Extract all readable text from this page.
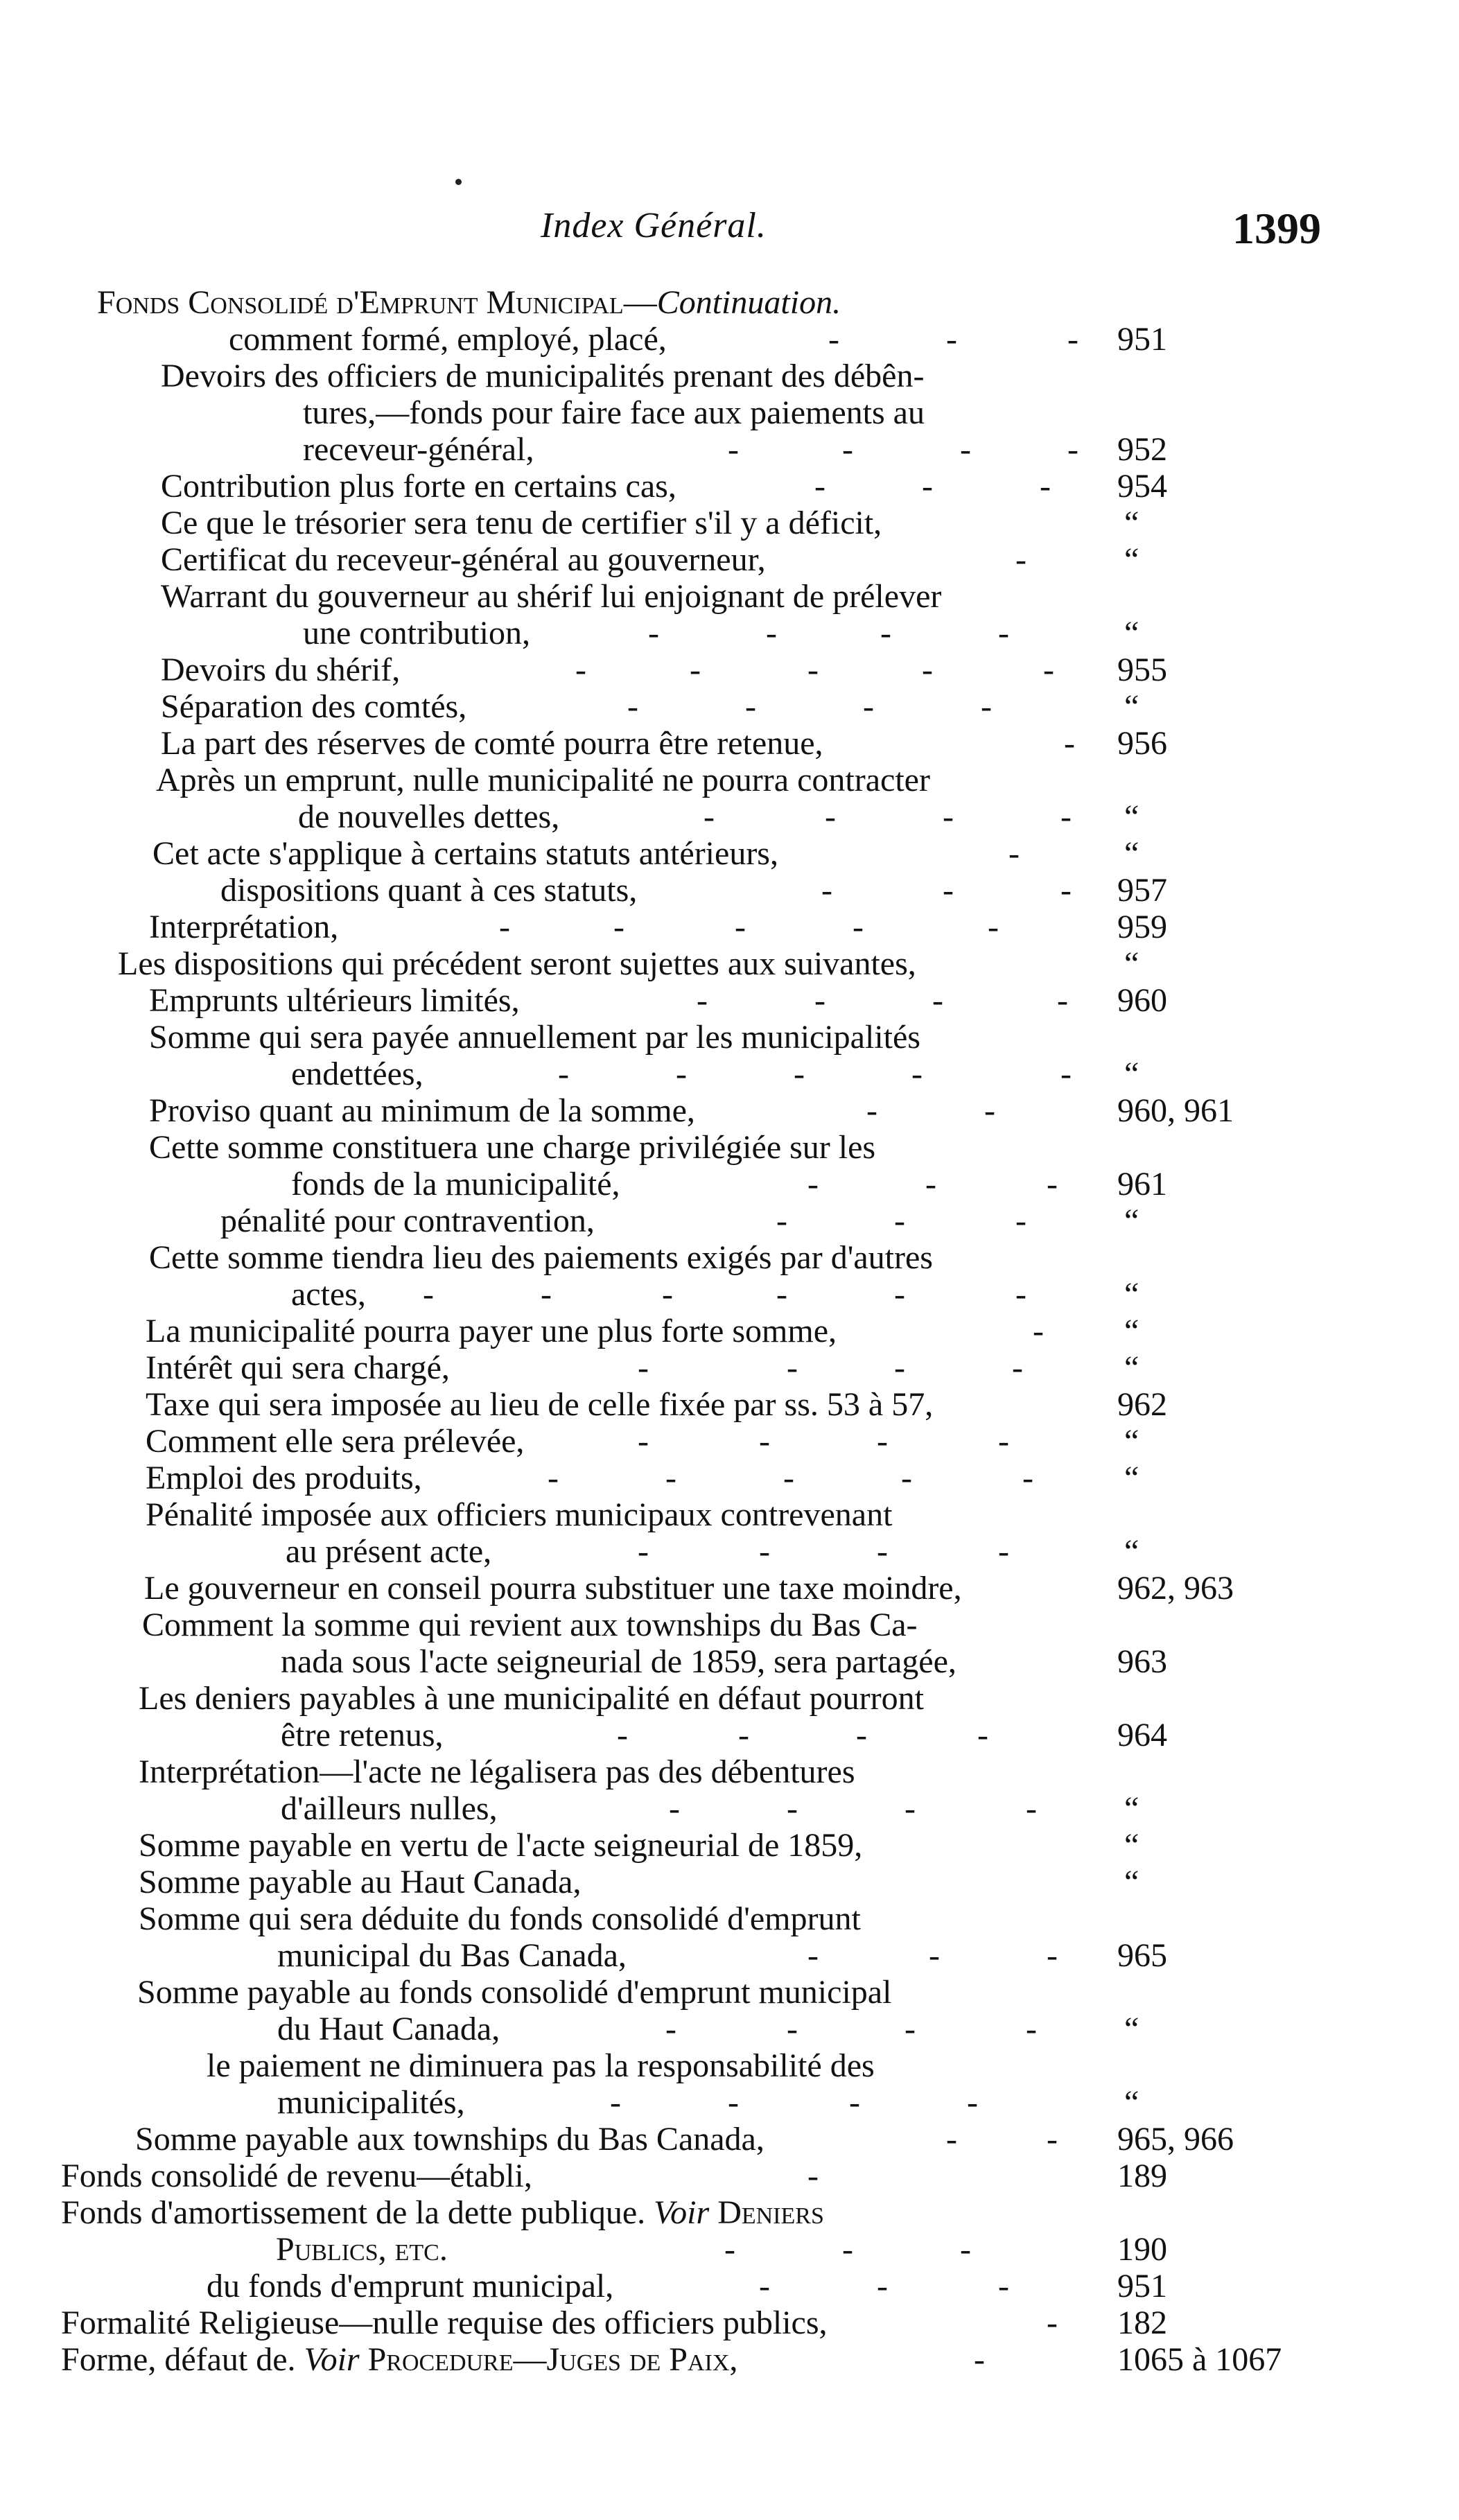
Index Général.	1399
Fonds Consolidé d'Emprunt Municipal—Continuation.
comment formé, employé, placé,	-	-	- 951
Devoirs des officiers de municipalités prenant des débên-
tures,—fonds pour faire face aux paiements au
receveur-général,	-	-	-	- 952
Contribution plus forte en certains cas,	-	-	- 954
Ce que le trésorier sera tenu de certifier s'il y a déficit,	“
Certificat du receveur-général au gouverneur,	-	“
Warrant du gouverneur au shérif lui enjoignant de prélever
une contribution,	-	-	-	-	“
Devoirs du shérif,	-	-	-	-	- 955
Séparation des comtés,	-	-	-	-	“
La part des réserves de comté pourra être retenue,	- 956
Après un emprunt, nulle municipalité ne pourra contracter
de nouvelles dettes,	-	-	-	- “
Cet acte s'applique à certains statuts antérieurs,	-	“
dispositions quant à ces statuts,	-	-	- 957
Interprétation,	-	-	-	-	-	959
Les dispositions qui précédent seront sujettes aux suivantes,	“
Emprunts ultérieurs limités,	-	-	-	- 960
Somme qui sera payée annuellement par les municipalités
endettées,	-	-	-	-	- “
Proviso quant au minimum de la somme,	-	-	960, 961
Cette somme constituera une charge privilégiée sur les
fonds de la municipalité,	-	-	- 961
pénalité pour contravention,	-	-	-	“
Cette somme tiendra lieu des paiements exigés par d'autres
actes, -	-	-	-	-	-	“
La municipalité pourra payer une plus forte somme,	- “
Intérêt qui sera chargé,	-	-	-	-	“
Taxe qui sera imposée au lieu de celle fixée par ss. 53 à 57,	962
Comment elle sera prélevée,	-	-	-	-	“
Emploi des produits,	-	-	-	-	-	“
Pénalité imposée aux officiers municipaux contrevenant
au présent acte,	-	-	-	-	“
Le gouverneur en conseil pourra substituer une taxe moindre,	962, 963
Comment la somme qui revient aux townships du Bas Ca-
nada sous l'acte seigneurial de 1859, sera partagée,	963
Les deniers payables à une municipalité en défaut pourront
être retenus,	-	-	-	-	964
Interprétation—l'acte ne légalisera pas des débentures
d'ailleurs nulles,	-	-	-	-	“
Somme payable en vertu de l'acte seigneurial de 1859,	“
Somme payable au Haut Canada,	“
Somme qui sera déduite du fonds consolidé d'emprunt
municipal du Bas Canada,	-	-	- 965
Somme payable au fonds consolidé d'emprunt municipal
du Haut Canada,	-	-	-	-	“
le paiement ne diminuera pas la responsabilité des
municipalités,	-	-	-	-	“
Somme payable aux townships du Bas Canada,	-	- 965, 966
Fonds consolidé de revenu—établi,	-	189
Fonds d'amortissement de la dette publique. Voir Deniers
Publics, etc.	-	-	-	190
du fonds d'emprunt municipal,	-	-	-	951
Formalité Religieuse—nulle requise des officiers publics,	- 182
Forme, défaut de. Voir Procedure—Juges de Paix,	-	1065 à 1067
